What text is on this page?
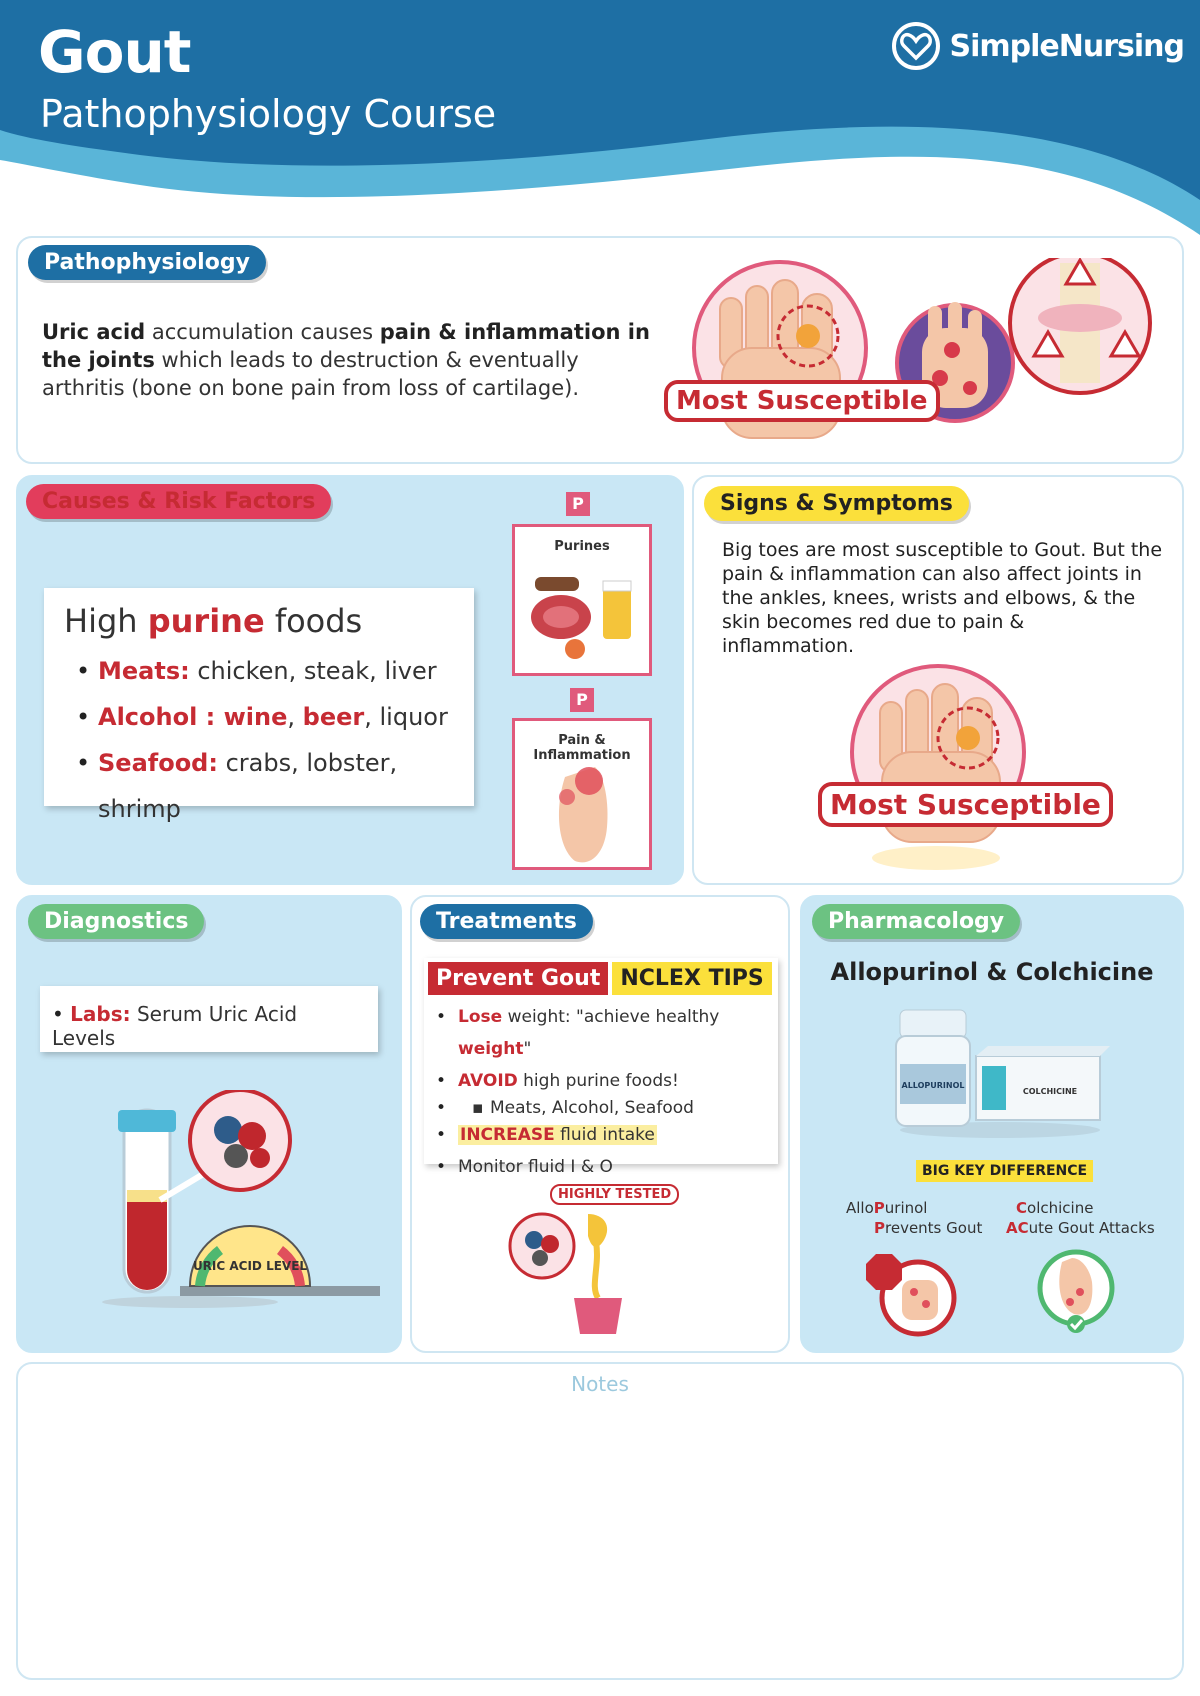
Gout
Pathophysiology Course
SimpleNursing
Pathophysiology
Uric acid accumulation causes pain & inflammation in the joints which leads to destruction & eventually arthritis (bone on bone pain from loss of cartilage).	Most Susceptible
Causes & Risk Factors
High purine foods
• Meats: chicken, steak, liver
• Alcohol : wine, beer, liquor
• Seafood: crabs, lobster, shrimp
P
Purines
P
Pain & Inflammation
Signs & Symptoms
Big toes are most susceptible to Gout. But the pain & inflammation can also affect joints in the ankles, knees, wrists and elbows, & the skin becomes red due to pain & inflammation.
Most Susceptible
Diagnostics
• Labs: Serum Uric Acid Levels
URIC ACID LEVEL
Treatments
Prevent Gout NCLEX TIPS
• Lose weight: "achieve healthy weight"
• AVOID high purine foods!
• ▪ Meats, Alcohol, Seafood
• INCREASE fluid intake
• Monitor fluid I & O
HIGHLY TESTED
Pharmacology
Allopurinol & Colchicine
ALLOPURINOL
COLCHICINE
BIG KEY DIFFERENCE
AlloPurinol
Prevents Gout
Colchicine
ACute Gout Attacks
Notes
